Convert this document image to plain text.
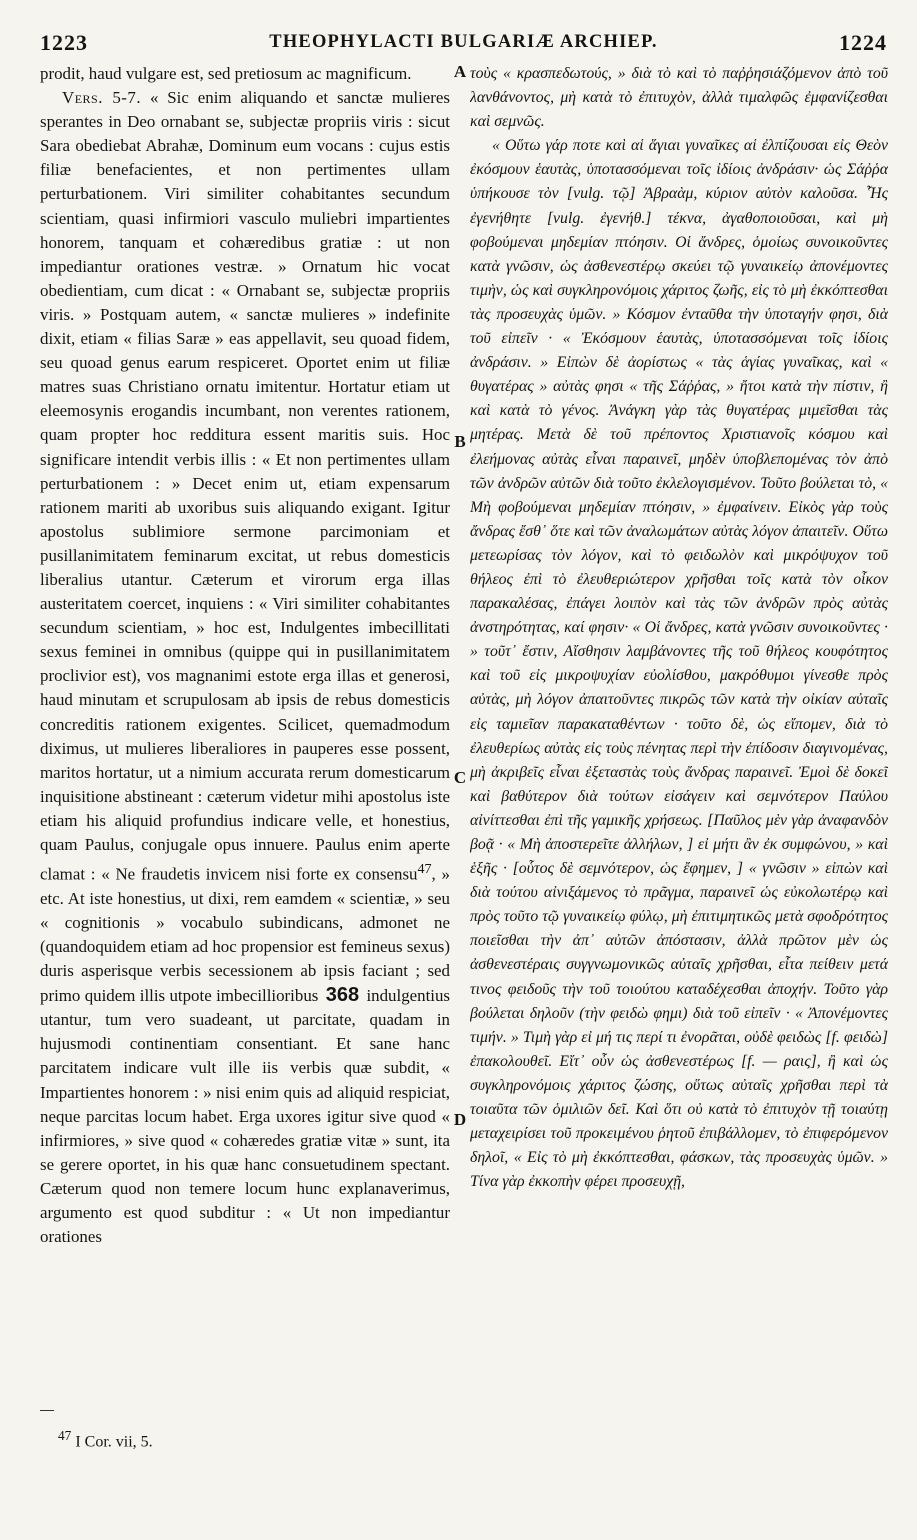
1223	THEOPHYLACTI BULGARIÆ ARCHIEP.	1224

prodit, haud vulgare est, sed pretiosum ac magnificum.

Vers. 5-7. « Sic enim aliquando et sanctæ mulieres sperantes in Deo ornabant se, subjectæ propriis viris : sicut Sara obediebat Abrahæ, Dominum eum vocans : cujus estis filiæ benefacientes, et non pertimentes ullam perturbationem. Viri similiter cohabitantes secundum scientiam, quasi infirmiori vasculo muliebri impartientes honorem, tanquam et cohæredibus gratiæ : ut non impediantur orationes vestræ. » Ornatum hic vocat obedientiam, cum dicat : « Ornabant se, subjectæ propriis viris. » Postquam autem, « sanctæ mulieres » indefinite dixit, etiam « filias Saræ » eas appellavit, seu quoad fidem, seu quoad genus earum respiceret. Oportet enim ut filiæ matres suas Christiano ornatu imitentur. Hortatur etiam ut eleemosynis erogandis incumbant, non verentes rationem, quam propter hoc redditura essent maritis suis. Hoc significare intendit verbis illis : « Et non pertimentes ullam perturbationem : » Decet enim ut, etiam expensarum rationem mariti ab uxoribus suis aliquando exigant. Igitur apostolus sublimiore sermone parcimoniam et pusillanimitatem feminarum excitat, ut rebus domesticis liberalius utantur. Cæterum et virorum erga illas austeritatem coercet, inquiens : « Viri similiter cohabitantes secundum scientiam, » hoc est, Indulgentes imbecillitati sexus feminei in omnibus (quippe qui in pusillanimitatem proclivior est), vos magnanimi estote erga illas et generosi, haud minutam et scrupulosam ab ipsis de rebus domesticis concreditis rationem exigentes. Scilicet, quemadmodum diximus, ut mulieres liberaliores in pauperes esse possent, maritos hortatur, ut a nimium accurata rerum domesticarum inquisitione abstineant : cæterum videtur mihi apostolus iste etiam his aliquid profundius indicare velle, et honestius, quam Paulus, conjugale opus innuere. Paulus enim aperte clamat : « Ne fraudetis invicem nisi forte ex consensu$^{47}$, » etc. At iste honestius, ut dixi, rem eamdem « scientiæ, » seu « cognitionis » vocabulo subindicans, admonet ne (quandoquidem etiam ad hoc propensior est femineus sexus) duris asperisque verbis secessionem ab ipsis faciant ; sed primo quidem illis utpote imbecillioribus 368 indulgentius utantur, tum vero suadeant, ut parcitate, quadam in hujusmodi continentiam consentiant. Et sane hanc parcitatem indicare vult ille iis verbis quæ subdit, « Impartientes honorem : » nisi enim quis ad aliquid respiciat, neque parcitas locum habet. Erga uxores igitur sive quod « infirmiores, » sive quod « cohæredes gratiæ vitæ » sunt, ita se gerere oportet, in his quæ hanc consuetudinem spectant. Cæterum quod non temere locum hunc explanaverimus, argumento est quod subditur : « Ut non impediantur orationes

A
B
C
D

τοὺς « κρασπεδωτούς, » διὰ τὸ καὶ τὸ παῤῥησιάζόμενον ἀπὸ τοῦ λανθάνοντος, μὴ κατὰ τὸ ἐπιτυχὸν, ἀλλὰ τιμαλφῶς ἐμφανίζεσθαι καὶ σεμνῶς.

« Οὕτω γάρ ποτε καὶ αἱ ἅγιαι γυναῖκες αἱ ἐλπίζουσαι εἰς Θεὸν ἐκόσμουν ἑαυτὰς, ὑποτασσόμεναι τοῖς ἰδίοις ἀνδράσιν· ὡς Σάῤῥα ὑπήκουσε τὸν [vulg. τῷ] Ἀβραὰμ, κύριον αὐτὸν καλοῦσα. Ἧς ἐγενήθητε [vulg. ἐγενήθ.] τέκνα, ἀγαθοποιοῦσαι, καὶ μὴ φοβούμεναι μηδεμίαν πτόησιν. Οἱ ἄνδρες, ὁμοίως συνοικοῦντες κατὰ γνῶσιν, ὡς ἀσθενεστέρῳ σκεύει τῷ γυναικείῳ ἀπονέμοντες τιμὴν, ὡς καὶ συγκληρονόμοις χάριτος ζωῆς, εἰς τὸ μὴ ἐκκόπτεσθαι τὰς προσευχὰς ὑμῶν. » Κόσμον ἐνταῦθα τὴν ὑποταγήν φησι, διὰ τοῦ εἰπεῖν · « Ἐκόσμουν ἑαυτὰς, ὑποτασσόμεναι τοῖς ἰδίοις ἀνδράσιν. » Εἰπὼν δὲ ἀορίστως « τὰς ἁγίας γυναῖκας, καὶ « θυγατέρας » αὐτὰς φησι « τῆς Σάῤῥας, » ἤτοι κατὰ τὴν πίστιν, ἢ καὶ κατὰ τὸ γένος. Ἀνάγκη γὰρ τὰς θυγατέρας μιμεῖσθαι τὰς μητέρας. Μετὰ δὲ τοῦ πρέποντος Χριστιανοῖς κόσμου καὶ ἐλεήμονας αὐτὰς εἶναι παραινεῖ, μηδὲν ὑποβλεπομένας τὸν ἀπὸ τῶν ἀνδρῶν αὐτῶν διὰ τοῦτο ἐκλελογισμένον. Τοῦτο βούλεται τὸ, « Μὴ φοβούμεναι μηδεμίαν πτόησιν, » ἐμφαίνειν. Εἰκὸς γὰρ τοὺς ἄνδρας ἔσθ᾽ ὅτε καὶ τῶν ἀναλωμάτων αὐτὰς λόγον ἀπαιτεῖν. Οὕτω μετεωρίσας τὸν λόγον, καὶ τὸ φειδωλὸν καὶ μικρόψυχον τοῦ θήλεος ἐπὶ τὸ ἐλευθεριώτερον χρῆσθαι τοῖς κατὰ τὸν οἶκον παρακαλέσας, ἐπάγει λοιπὸν καὶ τὰς τῶν ἀνδρῶν πρὸς αὐτὰς ἀνστηρότητας, καί φησιν· « Οἱ ἄνδρες, κατὰ γνῶσιν συνοικοῦντες · » τοῦτ᾽ ἔστιν, Αἴσθησιν λαμβάνοντες τῆς τοῦ θήλεος κουφότητος καὶ τοῦ εἰς μικροψυχίαν εὐολίσθου, μακρόθυμοι γίνεσθε πρὸς αὐτὰς, μὴ λόγον ἀπαιτοῦντες πικρῶς τῶν κατὰ τὴν οἰκίαν αὐταῖς εἰς ταμιεῖαν παρακαταθέντων · τοῦτο δὲ, ὡς εἴπομεν, διὰ τὸ ἐλευθερίως αὐτὰς εἰς τοὺς πένητας περὶ τὴν ἐπίδοσιν διαγινομένας, μὴ ἀκριβεῖς εἶναι ἐξεταστὰς τοὺς ἄνδρας παραινεῖ. Ἐμοὶ δὲ δοκεῖ καὶ βαθύτερον διὰ τούτων εἰσάγειν καὶ σεμνότερον Παύλου αἰνίττεσθαι ἐπὶ τῆς γαμικῆς χρήσεως. [Παῦλος μὲν γὰρ ἀναφανδὸν βοᾷ · « Μὴ ἀποστερεῖτε ἀλλήλων, ] εἰ μήτι ἂν ἐκ συμφώνου, » καὶ ἑξῆς · [οὗτος δὲ σεμνότερον, ὡς ἔφημεν, ] « γνῶσιν » εἰπὼν καὶ διὰ τούτου αἰνιξάμενος τὸ πρᾶγμα, παραινεῖ ὡς εὐκολωτέρῳ καὶ πρὸς τοῦτο τῷ γυναικείῳ φύλῳ, μὴ ἐπιτιμητικῶς μετὰ σφοδρότητος ποιεῖσθαι τὴν ἀπ᾽ αὐτῶν ἀπόστασιν, ἀλλὰ πρῶτον μὲν ὡς ἀσθενεστέραις συγγνωμονικῶς αὐταῖς χρῆσθαι, εἶτα πείθειν μετά τινος φειδοῦς τὴν τοῦ τοιούτου καταδέχεσθαι ἀποχήν. Τοῦτο γὰρ βούλεται δηλοῦν (τὴν φειδὼ φημι) διὰ τοῦ εἰπεῖν · « Ἀπονέμοντες τιμήν. » Τιμὴ γὰρ εἰ μή τις περί τι ἐνορᾶται, οὐδὲ φειδὼς [f. φειδὼ] ἐπακολουθεῖ. Εἴτ᾽ οὖν ὡς ἀσθενεστέρως [f. — ραις], ἢ καὶ ὡς συγκληρονόμοις χάριτος ζώσης, οὕτως αὐταῖς χρῆσθαι περὶ τὰ τοιαῦτα τῶν ὁμιλιῶν δεῖ. Καὶ ὅτι οὐ κατὰ τὸ ἐπιτυχὸν τῇ τοιαύτῃ μεταχειρίσει τοῦ προκειμένου ῥητοῦ ἐπιβάλλομεν, τὸ ἐπιφερόμενον δηλοῖ, « Εἰς τὸ μὴ ἐκκόπτεσθαι, φάσκων, τὰς προσευχὰς ὑμῶν. » Τίνα γὰρ ἐκκοπὴν φέρει προσευχῇ,

$^{47}$ I Cor. vii, 5.
